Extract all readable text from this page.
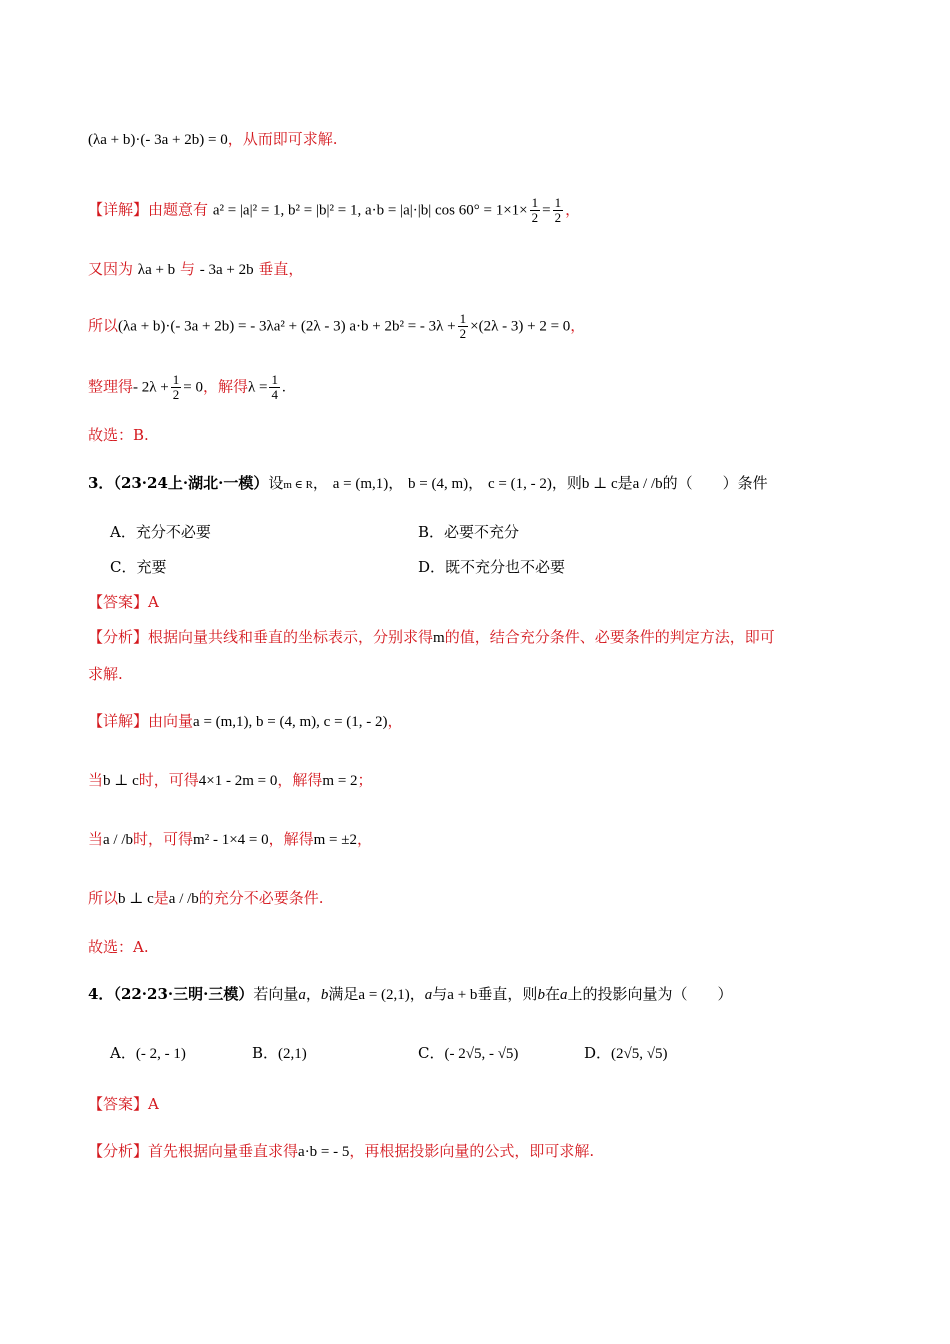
(λa + b)·(- 3a + 2b) = 0，从而即可求解.
【详解】由题意有 a² = |a|² = 1, b² = |b|² = 1, a·b = |a|·|b| $\cos 60^\circ = 1\times 1\times \frac{1}{2} = \frac{1}{2}$ ，
又因为 λa + b 与 - 3a + 2b 垂直，
所以(λa + b)·(- 3a + 2b) = - 3λa² + (2λ - 3) a·b + 2b² = - $3\lambda + \frac{1}{2} \times(2\lambda - 3) + 2 = 0$，
整理得- $2\lambda + \frac{1}{2} = 0$，解得$\lambda = \frac{1}{4}$ .
故选：B.
3．（23·24上·湖北·一模）设m ∈ R， a = (m,1)， b = (4, m)， c = (1, - 2)，则b ⊥ c是a / /b的（　　）条件
A．充分不必要	B．必要不充分
C．充要	D．既不充分也不必要
【答案】A
【分析】根据向量共线和垂直的坐标表示，分别求得m的值，结合充分条件、必要条件的判定方法，即可
求解.
【详解】由向量a = (m,1), b = (4, m), c = (1, - 2)，
当b ⊥ c时，可得4×1 - 2m = 0，解得m = 2；
当a / /b时，可得m² - 1×4 = 0，解得m = ±2，
所以b ⊥ c是a / /b的充分不必要条件.
故选：A.
4．（22·23·三明·三模）若向量a，b满足a = (2,1)，a与a + b垂直，则b在a上的投影向量为（　　）
A．(- 2, - 1)	B．(2,1)	C．(- 2√5, - √5)	D．(2√5, √5)
【答案】A
【分析】首先根据向量垂直求得a·b = - 5，再根据投影向量的公式，即可求解.
